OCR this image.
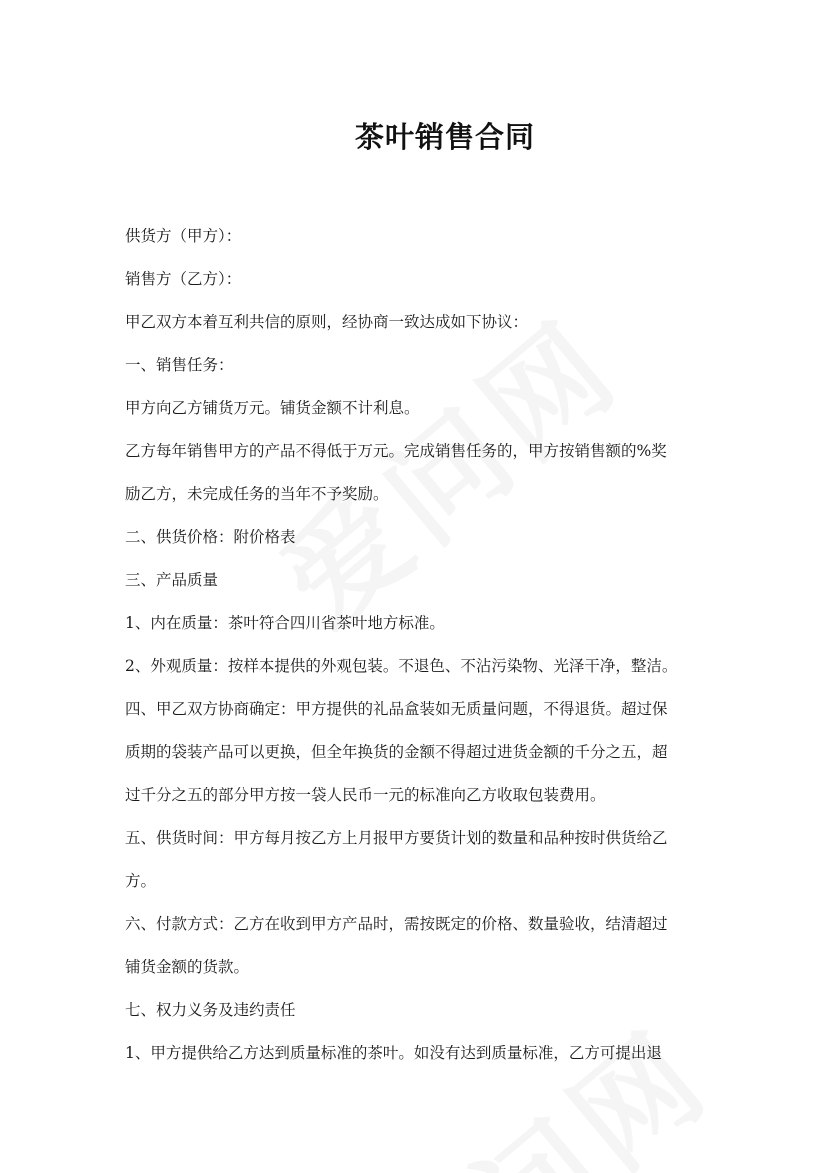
茶叶销售合同

供货方（甲方）：

销售方（乙方）：

甲乙双方本着互利共信的原则，经协商一致达成如下协议：

一、销售任务：

甲方向乙方铺货万元。铺货金额不计利息。

乙方每年销售甲方的产品不得低于万元。完成销售任务的，甲方按销售额的%奖

励乙方，未完成任务的当年不予奖励。

二、供货价格：附价格表

三、产品质量

1、内在质量：茶叶符合四川省茶叶地方标准。

2、外观质量：按样本提供的外观包装。不退色、不沾污染物、光泽干净，整洁。

四、甲乙双方协商确定：甲方提供的礼品盒装如无质量问题，不得退货。超过保

质期的袋装产品可以更换，但全年换货的金额不得超过进货金额的千分之五，超

过千分之五的部分甲方按一袋人民币一元的标准向乙方收取包装费用。

五、供货时间：甲方每月按乙方上月报甲方要货计划的数量和品种按时供货给乙

方。

六、付款方式：乙方在收到甲方产品时，需按既定的价格、数量验收，结清超过

铺货金额的货款。

七、权力义务及违约责任

1、甲方提供给乙方达到质量标准的茶叶。如没有达到质量标准，乙方可提出退
